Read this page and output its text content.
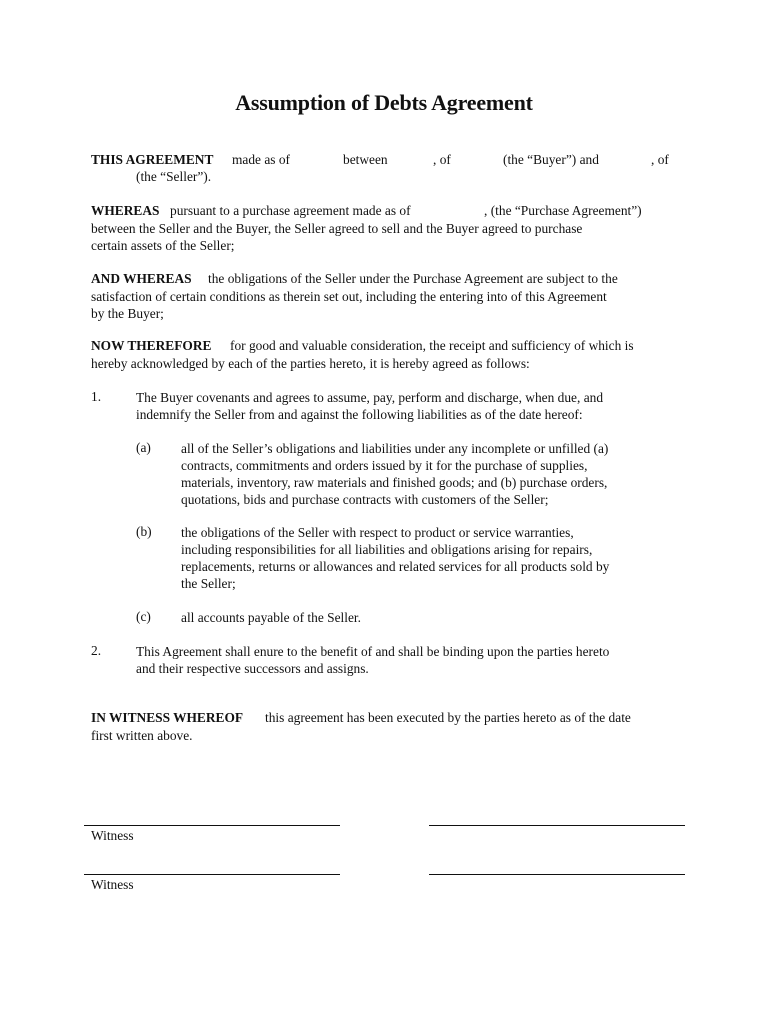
Assumption of Debts Agreement
THIS AGREEMENT made as of	between	, of	(the “Buyer”) and	, of
(the “Seller”).
WHEREAS pursuant to a purchase agreement made as of	, (the “Purchase Agreement”)
between the Seller and the Buyer, the Seller agreed to sell and the Buyer agreed to purchase
certain assets of the Seller;
AND WHEREAS the obligations of the Seller under the Purchase Agreement are subject to the
satisfaction of certain conditions as therein set out, including the entering into of this Agreement
by the Buyer;
NOW THEREFORE for good and valuable consideration, the receipt and sufficiency of which is
hereby acknowledged by each of the parties hereto, it is hereby agreed as follows:
1.	The Buyer covenants and agrees to assume, pay, perform and discharge, when due, and
indemnify the Seller from and against the following liabilities as of the date hereof:
(a) all of the Seller’s obligations and liabilities under any incomplete or unfilled (a)
contracts, commitments and orders issued by it for the purchase of supplies,
materials, inventory, raw materials and finished goods; and (b) purchase orders,
quotations, bids and purchase contracts with customers of the Seller;
(b) the obligations of the Seller with respect to product or service warranties,
including responsibilities for all liabilities and obligations arising for repairs,
replacements, returns or allowances and related services for all products sold by
the Seller;
(c) all accounts payable of the Seller.
2.	This Agreement shall enure to the benefit of and shall be binding upon the parties hereto
and their respective successors and assigns.
IN WITNESS WHEREOF this agreement has been executed by the parties hereto as of the date
first written above.
Witness
Witness
